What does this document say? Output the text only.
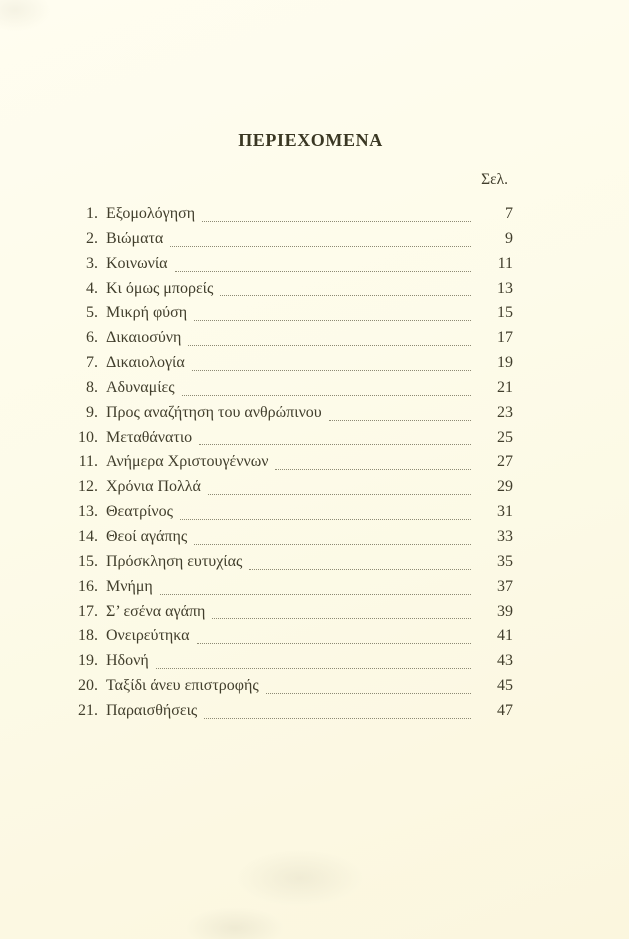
ΠΕΡΙΕΧΟΜΕΝΑ
Σελ.
1. Εξομολόγηση	7
2. Βιώματα	9
3. Κοινωνία	11
4. Κι όμως μπορείς	13
5. Μικρή φύση	15
6. Δικαιοσύνη	17
7. Δικαιολογία	19
8. Αδυναμίες	21
9. Προς αναζήτηση του ανθρώπινου	23
10. Μεταθάνατιο	25
11. Ανήμερα Χριστουγέννων	27
12. Χρόνια Πολλά	29
13. Θεατρίνος	31
14. Θεοί αγάπης	33
15. Πρόσκληση ευτυχίας	35
16. Μνήμη	37
17. Σ’ εσένα αγάπη	39
18. Ονειρεύτηκα	41
19. Ηδονή	43
20. Ταξίδι άνευ επιστροφής	45
21. Παραισθήσεις	47
